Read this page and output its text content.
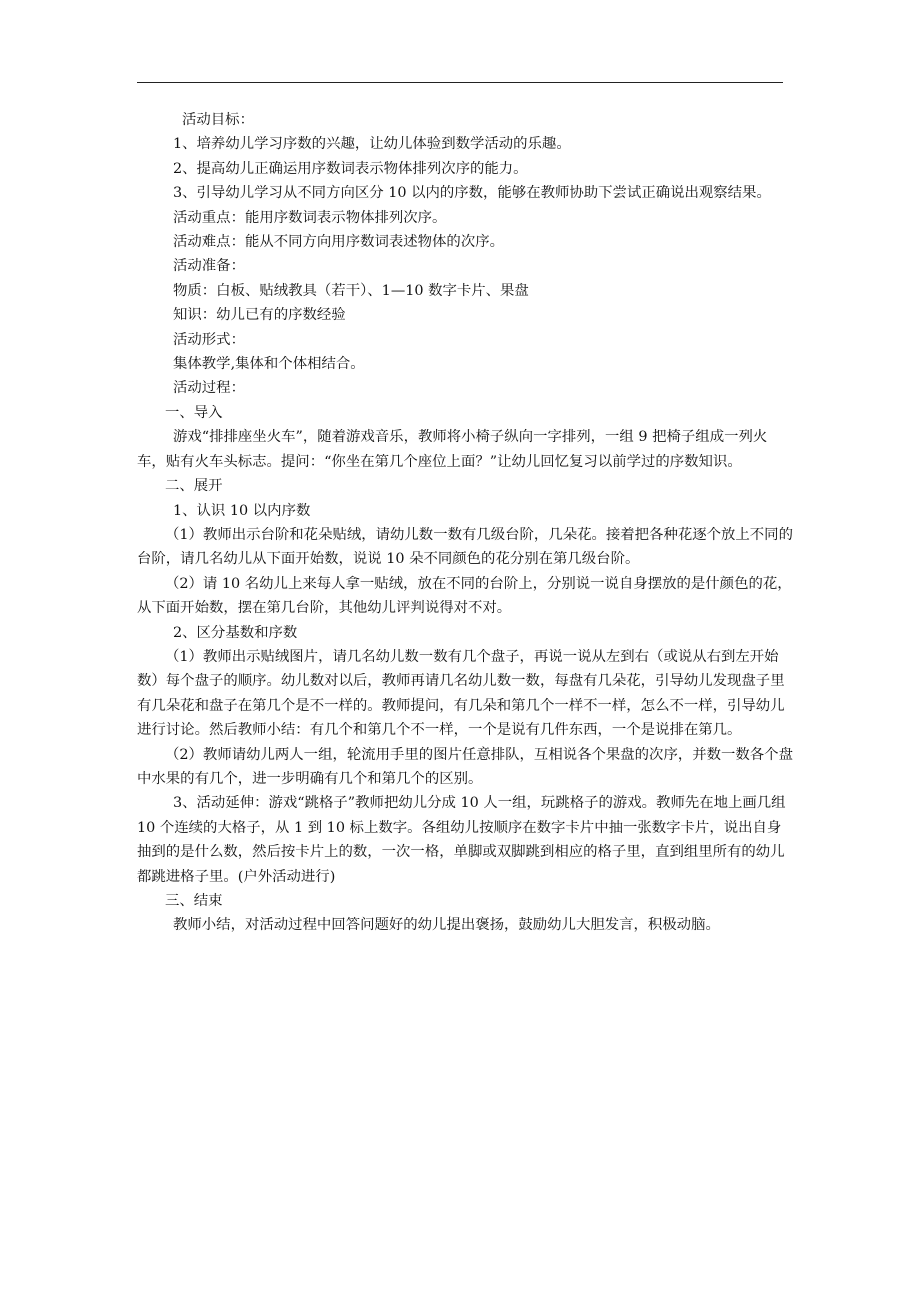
活动目标：

1、培养幼儿学习序数的兴趣，让幼儿体验到数学活动的乐趣。

2、提高幼儿正确运用序数词表示物体排列次序的能力。

3、引导幼儿学习从不同方向区分 10 以内的序数，能够在教师协助下尝试正确说出观察结果。

活动重点：能用序数词表示物体排列次序。

活动难点：能从不同方向用序数词表述物体的次序。

活动准备：

物质：白板、贴绒教具（若干）、1—10 数字卡片、果盘

知识：幼儿已有的序数经验

活动形式：

集体教学,集体和个体相结合。

活动过程：

一、导入

游戏“排排座坐火车”，随着游戏音乐，教师将小椅子纵向一字排列，一组 9 把椅子组成一列火车，贴有火车头标志。提问：“你坐在第几个座位上面？”让幼儿回忆复习以前学过的序数知识。

二、展开

1、认识 10 以内序数

（1）教师出示台阶和花朵贴绒，请幼儿数一数有几级台阶，几朵花。接着把各种花逐个放上不同的台阶，请几名幼儿从下面开始数，说说 10 朵不同颜色的花分别在第几级台阶。

（2）请 10 名幼儿上来每人拿一贴绒，放在不同的台阶上，分别说一说自身摆放的是什颜色的花，从下面开始数，摆在第几台阶，其他幼儿评判说得对不对。

2、区分基数和序数

（1）教师出示贴绒图片，请几名幼儿数一数有几个盘子，再说一说从左到右（或说从右到左开始数）每个盘子的顺序。幼儿数对以后，教师再请几名幼儿数一数，每盘有几朵花，引导幼儿发现盘子里有几朵花和盘子在第几个是不一样的。教师提问，有几朵和第几个一样不一样，怎么不一样，引导幼儿进行讨论。然后教师小结：有几个和第几个不一样，一个是说有几件东西，一个是说排在第几。

（2）教师请幼儿两人一组，轮流用手里的图片任意排队，互相说各个果盘的次序，并数一数各个盘中水果的有几个，进一步明确有几个和第几个的区别。

3、活动延伸：游戏“跳格子”教师把幼儿分成 10 人一组，玩跳格子的游戏。教师先在地上画几组 10 个连续的大格子，从 1 到 10 标上数字。各组幼儿按顺序在数字卡片中抽一张数字卡片，说出自身抽到的是什么数，然后按卡片上的数，一次一格，单脚或双脚跳到相应的格子里，直到组里所有的幼儿都跳进格子里。(户外活动进行)

三、结束

教师小结，对活动过程中回答问题好的幼儿提出褒扬，鼓励幼儿大胆发言，积极动脑。
